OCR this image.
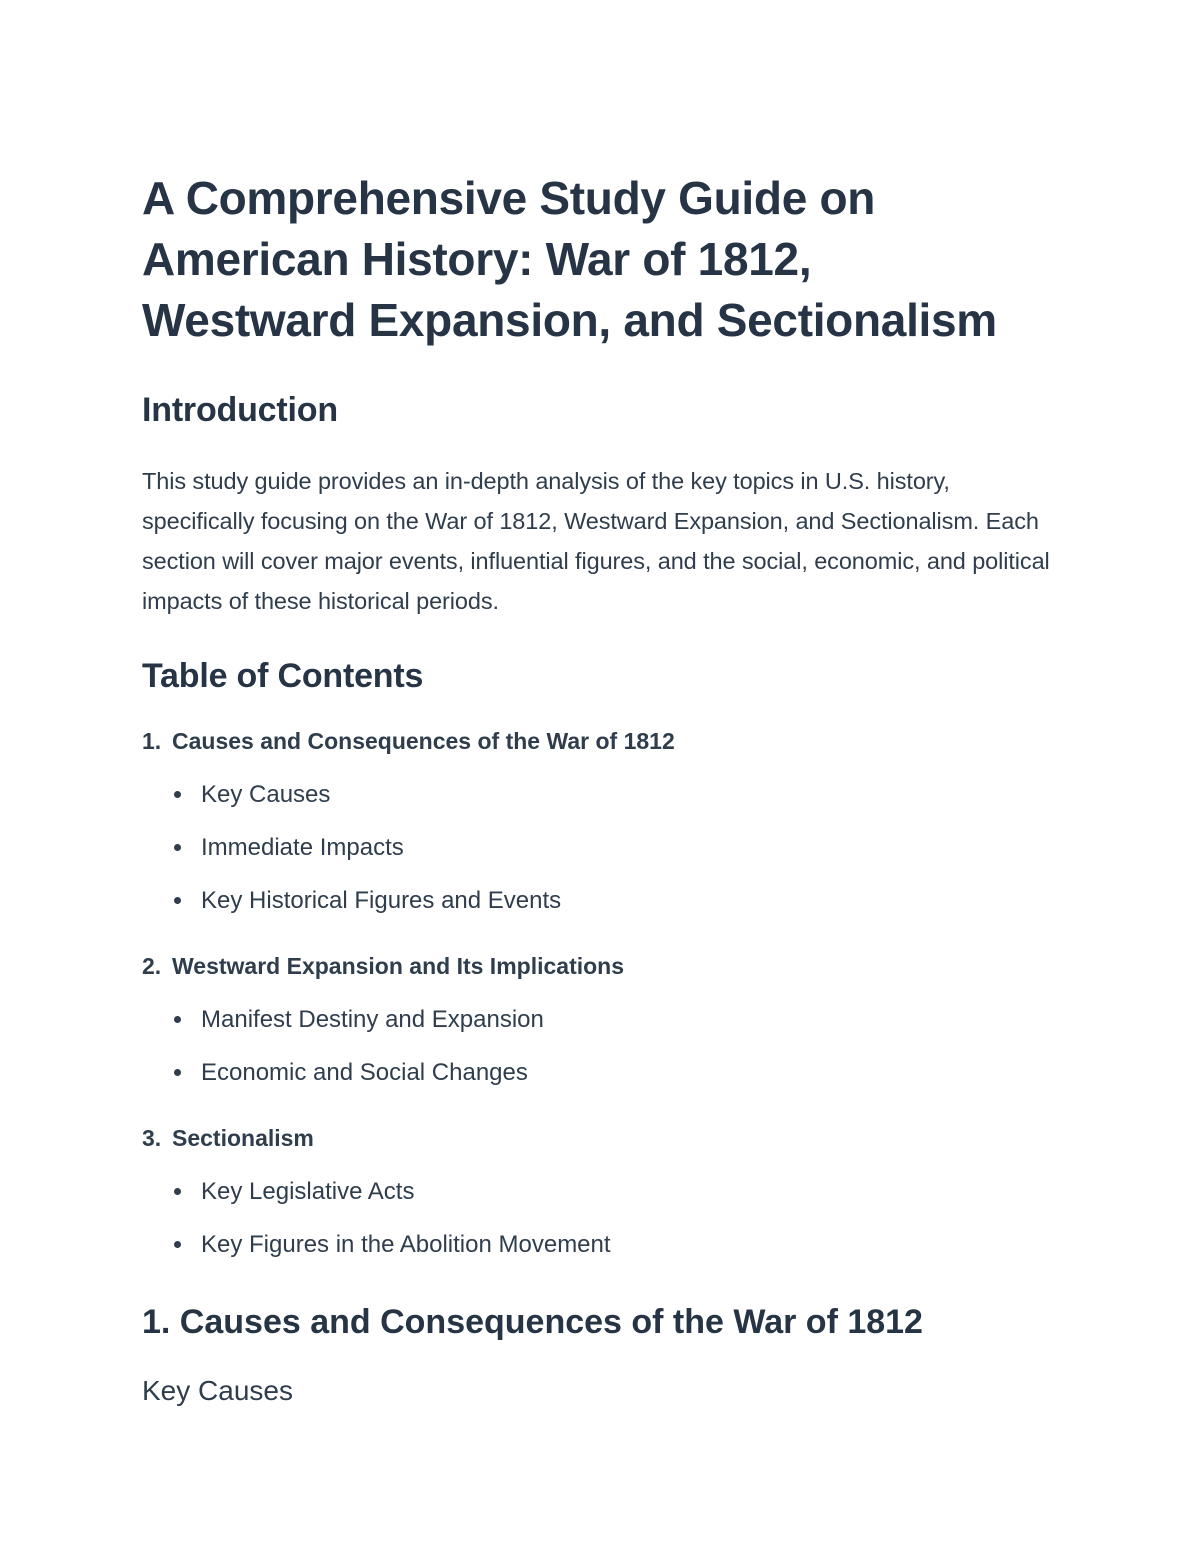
A Comprehensive Study Guide on
American History: War of 1812,
Westward Expansion, and Sectionalism
Introduction

This study guide provides an in-depth analysis of the key topics in U.S. history, specifically focusing on the War of 1812, Westward Expansion, and Sectionalism. Each section will cover major events, influential figures, and the social, economic, and political impacts of these historical periods.

Table of Contents
1. Causes and Consequences of the War of 1812
Key Causes
Immediate Impacts
Key Historical Figures and Events
2. Westward Expansion and Its Implications
Manifest Destiny and Expansion
Economic and Social Changes
3. Sectionalism
Key Legislative Acts
Key Figures in the Abolition Movement
1. Causes and Consequences of the War of 1812
Key Causes
